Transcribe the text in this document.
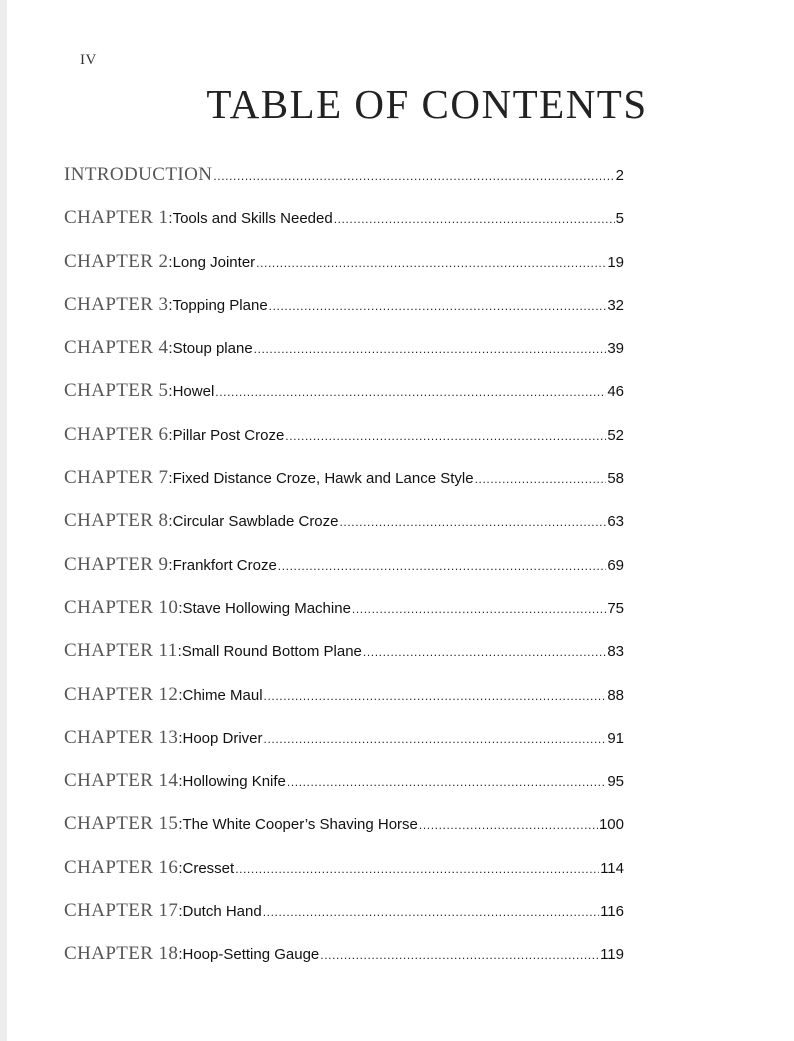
IV
TABLE OF CONTENTS
INTRODUCTION .....	2
CHAPTER 1 : Tools and Skills Needed .....	5
CHAPTER 2 : Long Jointer .....	19
CHAPTER 3 : Topping Plane .....	32
CHAPTER 4 : Stoup plane .....	39
CHAPTER 5 : Howel .....	46
CHAPTER 6 : Pillar Post Croze .....	52
CHAPTER 7 : Fixed Distance Croze, Hawk and Lance Style .....	58
CHAPTER 8 : Circular Sawblade Croze .....	63
CHAPTER 9 : Frankfort Croze .....	69
CHAPTER 10 : Stave Hollowing Machine .....	75
CHAPTER 11 : Small Round Bottom Plane .....	83
CHAPTER 12 : Chime Maul .....	88
CHAPTER 13 : Hoop Driver .....	91
CHAPTER 14 : Hollowing Knife .....	95
CHAPTER 15 : The White Cooper’s Shaving Horse .....	100
CHAPTER 16 : Cresset .....	114
CHAPTER 17 : Dutch Hand .....	116
CHAPTER 18 : Hoop-Setting Gauge .....	119
